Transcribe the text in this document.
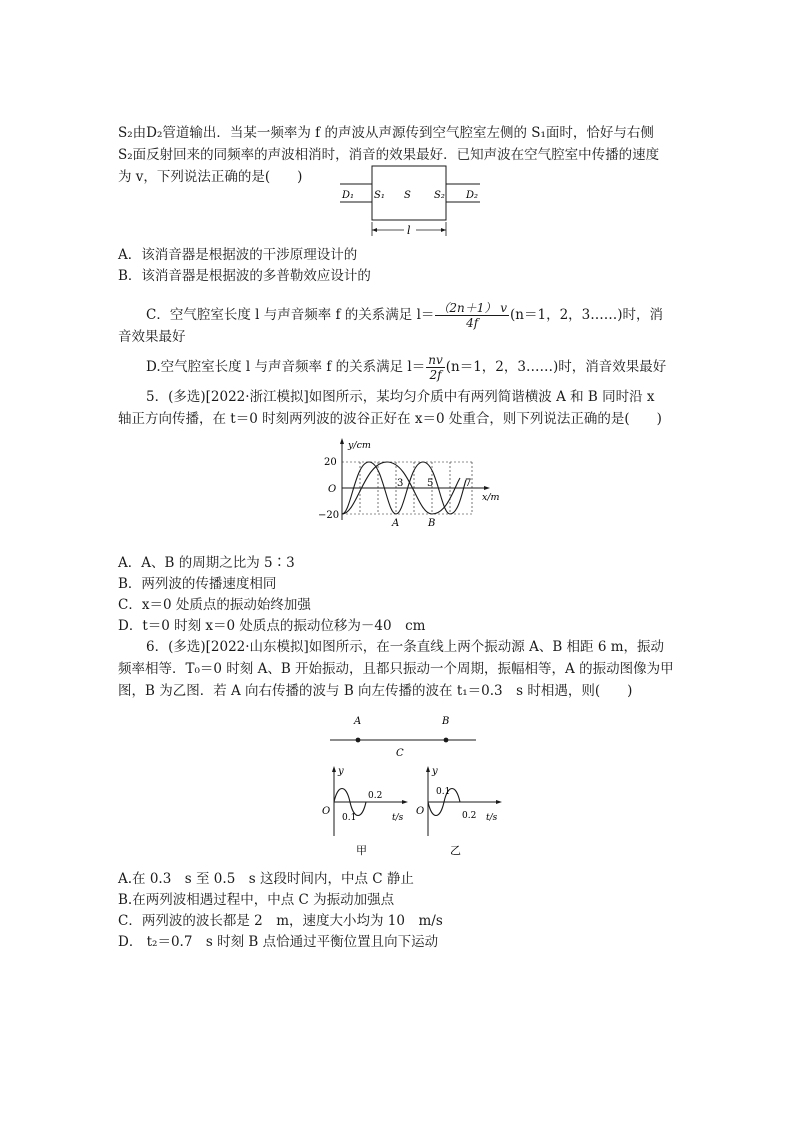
S₂由D₂管道输出．当某一频率为 f 的声波从声源传到空气腔室左侧的 S₁面时，恰好与右侧

S₂面反射回来的同频率的声波相消时，消音的效果最好．已知声波在空气腔室中传播的速度

为 v，下列说法正确的是(　　)

D₁ S₁ S S₂ D₂
l

A．该消音器是根据波的干涉原理设计的

B．该消音器是根据波的多普勒效应设计的

C．空气腔室长度 l 与声音频率 f 的关系满足 $l= \frac{(2n+1) v}{4f} (n=1$，2，3……)时，消

音效果最好

D.空气腔室长度 l 与声音频率 f 的关系满足 $l= \frac{nv}{2f} (n=1$，2，3……)时，消音效果最好

5．(多选)[2022·浙江模拟]如图所示，某均匀介质中有两列简谐横波 A 和 B 同时沿 x

轴正方向传播，在 t＝0 时刻两列波的波谷正好在 x＝0 处重合，则下列说法正确的是(　　)

y/cm
x/m
20
O
−20
3 5	7
A	B

A．A、B 的周期之比为 5∶3

B．两列波的传播速度相同

C．x＝0 处质点的振动始终加强

D．t＝0 时刻 x＝0 处质点的振动位移为－40　cm

6．(多选)[2022·山东模拟]如图所示，在一条直线上两个振动源 A、B 相距 6 m，振动

频率相等．T₀＝0 时刻 A、B 开始振动，且都只振动一个周期，振幅相等，A 的振动图像为甲

图，B 为乙图．若 A 向右传播的波与 B 向左传播的波在 t₁＝0.3　s 时相遇，则(　　)

A	B
C
y
O
0.1
0.2
t/s
甲
y
O
0.1
0.2 t/s
乙

A.在 0.3　s 至 0.5　s 这段时间内，中点 C 静止

B.在两列波相遇过程中，中点 C 为振动加强点

C．两列波的波长都是 2　m，速度大小均为 10　m/s

D． t₂＝0.7　s 时刻 B 点恰通过平衡位置且向下运动
